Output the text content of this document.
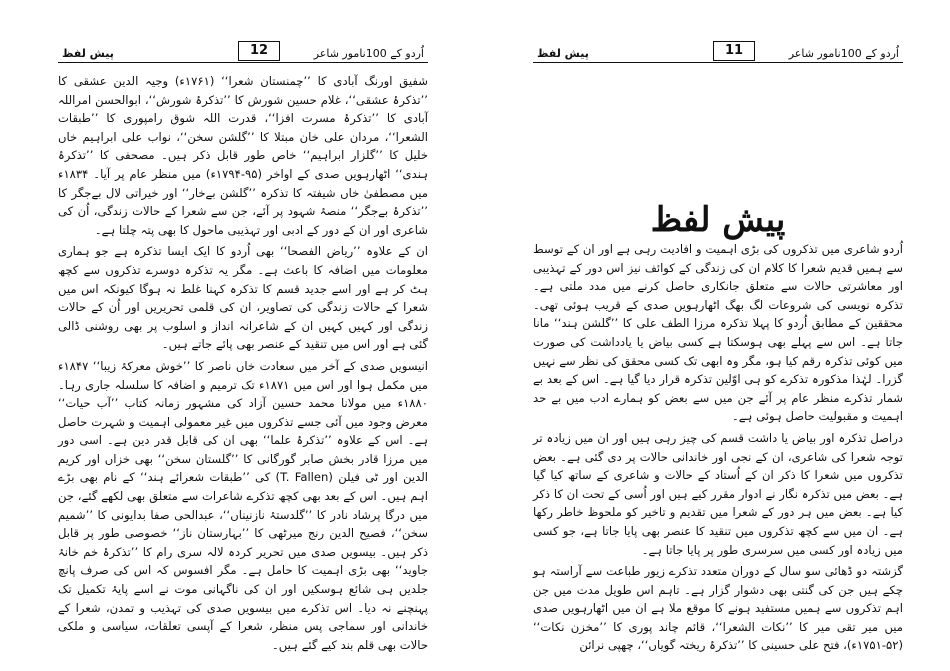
اُردو کے 100نامور شاعر
12
پیش لفظ

شفیق اورنگ آبادی کا ’’چمنستان شعرا‘‘ (۱۷۶۱ء) وجیہ الدین عشقی کا ’’تذکرۂ عشقی‘‘، غلام حسین شورش کا ’’تذکرۂ شورش‘‘، ابوالحسن امراللہ آبادی کا ’’تذکرۂ مسرت افزا‘‘، قدرت اللہ شوق رامپوری کا ’’طبقات الشعرا‘‘، مردان علی خان مبتلا کا ’’گلشن سخن‘‘، نواب علی ابراہیم خاں خلیل کا ’’گلزار ابراہیم‘‘ خاص طور قابل ذکر ہیں۔ مصحفی کا ’’تذکرۂ ہندی‘‘ اٹھارہویں صدی کے اواخر (۹۵-۱۷۹۴ء) میں منظر عام پر آیا۔ ۱۸۳۴ء میں مصطفیٰ خاں شیفتہ کا تذکرہ ’’گلشن بےخار‘‘ اور خیراتی لال بےجگر کا ’’تذکرۂ بےجگر‘‘ منصۂ شہود پر آئے، جن سے شعرا کے حالات زندگی، اُن کی شاعری اور ان کے دور کے ادبی اور تہذیبی ماحول کا بھی پتہ چلتا ہے۔

ان کے علاوہ ’’ریاض الفصحا‘‘ بھی اُردو کا ایک ایسا تذکرہ ہے جو ہماری معلومات میں اضافہ کا باعث ہے۔ مگر یہ تذکرہ دوسرے تذکروں سے کچھ ہٹ کر ہے اور اسے جدید قسم کا تذکرہ کہنا غلط نہ ہوگا کیونکہ اس میں شعرا کے حالات زندگی کی تصاویر، ان کی قلمی تحریریں اور اُن کے حالات زندگی اور کہیں کہیں ان کے شاعرانہ انداز و اسلوب پر بھی روشنی ڈالی گئی ہے اور اس میں تنقید کے عنصر بھی پائے جاتے ہیں۔

انیسویں صدی کے آخر میں سعادت خاں ناصر کا ’’خوش معرکۂ زیبا‘‘ ۱۸۴۷ء میں مکمل ہوا اور اس میں ۱۸۷۱ء تک ترمیم و اضافہ کا سلسلہ جاری رہا۔ ۱۸۸۰ء میں مولانا محمد حسین آزاد کی مشہور زمانہ کتاب ’’آب حیات‘‘ معرض وجود میں آئی جسے تذکروں میں غیر معمولی اہمیت و شہرت حاصل ہے۔ اس کے علاوہ ’’تذکرۂ علما‘‘ بھی ان کی قابل قدر دین ہے۔ اسی دور میں مرزا قادر بخش صابر گورگانی کا ’’گلستان سخن‘‘ بھی خزاں اور کریم الدین اور ٹی فیلن (T. Fallen) کی ’’طبقات شعرائے ہند‘‘ کے نام بھی بڑے اہم ہیں۔ اس کے بعد بھی کچھ تذکرے شاعرات سے متعلق بھی لکھے گئے، جن میں درگا پرشاد نادر کا ’’گلدستۂ نازنیناں‘‘، عبدالحی صفا بدایونی کا ’’شمیم سخن‘‘، فصیح الدین رنج میرٹھی کا ’’بہارستان ناز‘‘ خصوصی طور پر قابل ذکر ہیں۔ بیسویں صدی میں تحریر کردہ لالہ سری رام کا ’’تذکرۂ خم خانۂ جاوید‘‘ بھی بڑی اہمیت کا حامل ہے۔ مگر افسوس کہ اس کی صرف پانچ جلدیں ہی شائع ہوسکیں اور ان کی ناگہانی موت نے اسے پایۂ تکمیل تک پہنچنے نہ دیا۔ اس تذکرے میں بیسویں صدی کی تہذیب و تمدن، شعرا کے خاندانی اور سماجی پس منظر، شعرا کے آپسی تعلقات، سیاسی و ملکی حالات بھی قلم بند کیے گئے ہیں۔

اُردو کے 100نامور شاعر
11
پیش لفظ
پیش لفظ

اُردو شاعری میں تذکروں کی بڑی اہمیت و افادیت رہی ہے اور ان کے توسط سے ہمیں قدیم شعرا کا کلام ان کی زندگی کے کوائف نیز اس دور کے تہذیبی اور معاشرتی حالات سے متعلق جانکاری حاصل کرنے میں مدد ملتی ہے۔ تذکرہ نویسی کی شروعات لگ بھگ اٹھارہویں صدی کے قریب ہوئی تھی۔ محققین کے مطابق اُردو کا پہلا تذکرہ مرزا الطف علی کا ’’گلشن ہند‘‘ مانا جاتا ہے۔ اس سے پہلے بھی ہوسکتا ہے کسی بیاض یا یادداشت کی صورت میں کوئی تذکرہ رقم کیا ہو، مگر وہ ابھی تک کسی محقق کی نظر سے نہیں گزرا۔ لہٰذا مذکورہ تذکرے کو ہی اوّلین تذکرہ قرار دیا گیا ہے۔ اس کے بعد بے شمار تذکرے منظر عام پر آئے جن میں سے بعض کو ہمارے ادب میں بے حد اہمیت و مقبولیت حاصل ہوئی ہے۔

دراصل تذکرہ اور بیاض یا داشت قسم کی چیز رہی ہیں اور ان میں زیادہ تر توجہ شعرا کی شاعری، ان کے نجی اور خاندانی حالات پر دی گئی ہے۔ بعض تذکروں میں شعرا کا ذکر ان کے اُستاد کے حالات و شاعری کے ساتھ کیا گیا ہے۔ بعض میں تذکرہ نگار نے ادوار مقرر کیے ہیں اور اُسی کے تحت ان کا ذکر کیا ہے۔ بعض میں ہر دور کے شعرا میں تقدیم و تاخیر کو ملحوظ خاطر رکھا ہے۔ ان میں سے کچھ تذکروں میں تنقید کا عنصر بھی پایا جاتا ہے، جو کسی میں زیادہ اور کسی میں سرسری طور پر پایا جاتا ہے۔

گزشتہ دو ڈھائی سو سال کے دوران متعدد تذکرے زیور طباعت سے آراستہ ہو چکے ہیں جن کی گنتی بھی دشوار گزار ہے۔ تاہم اس طویل مدت میں جن اہم تذکروں سے ہمیں مستفید ہونے کا موقع ملا ہے ان میں اٹھارہویں صدی میں میر تقی میر کا ’’نکات الشعرا‘‘، قائم چاند پوری کا ’’مخزن نکات‘‘ (۵۲-۱۷۵۱ء)، فتح علی حسینی کا ’’تذکرۂ ریختہ گویاں‘‘، چھپی نرائن
